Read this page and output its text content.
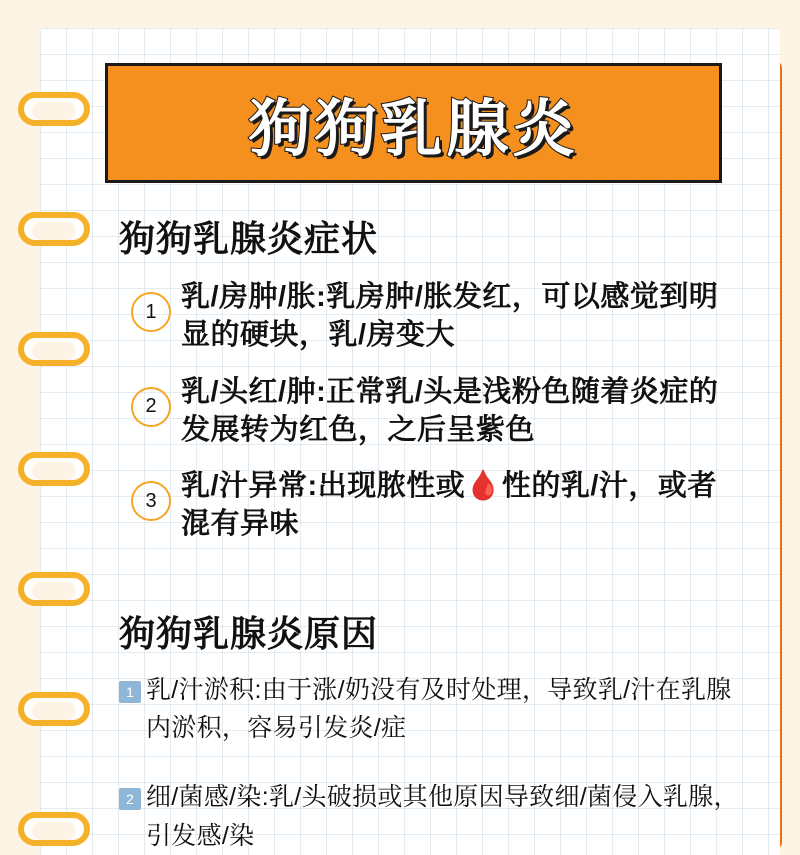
狗狗乳腺炎
狗狗乳腺炎症状
1 乳/房肿/胀:乳房肿/胀发红，可以感觉到明显的硬块，乳/房变大
2 乳/头红/肿:正常乳/头是浅粉色随着炎症的发展转为红色，之后呈紫色
3 乳/汁异常:出现脓性或🩸性的乳/汁，或者混有异味
狗狗乳腺炎原因
1 乳/汁淤积:由于涨/奶没有及时处理，导致乳/汁在乳腺内淤积，容易引发炎/症
2 细/菌感/染:乳/头破损或其他原因导致细/菌侵入乳腺，引发感/染
